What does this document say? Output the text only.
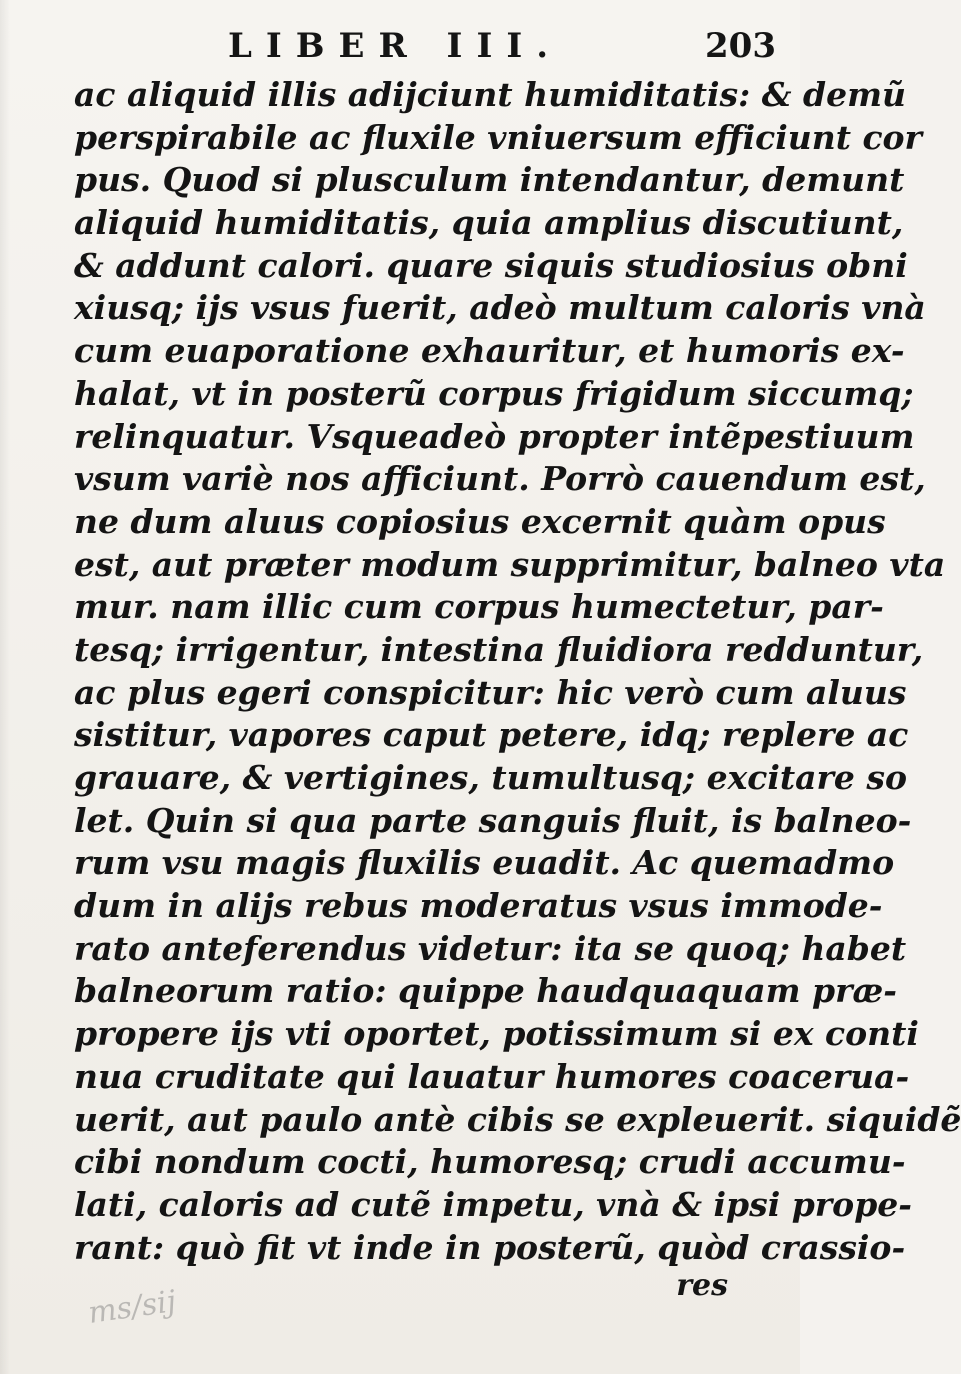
LIBER III.	203
ac aliquid illis adijciunt humiditatis: & demũ
perspirabile ac fluxile vniuersum efficiunt cor
pus. Quod si plusculum intendantur, demunt
aliquid humiditatis, quia amplius discutiunt,
& addunt calori. quare siquis studiosius obni
xiusq; ijs vsus fuerit, adeò multum caloris vnà
cum euaporatione exhauritur, et humoris ex-
halat, vt in posterũ corpus frigidum siccumq;
relinquatur. Vsqueadeò propter intẽpestiuum
vsum variè nos afficiunt. Porrò cauendum est,
ne dum aluus copiosius excernit quàm opus
est, aut præter modum supprimitur, balneo vta
mur. nam illic cum corpus humectetur, par-
tesq; irrigentur, intestina fluidiora redduntur,
ac plus egeri conspicitur: hic verò cum aluus
sistitur, vapores caput petere, idq; replere ac
grauare, & vertigines, tumultusq; excitare so
let. Quin si qua parte sanguis fluit, is balneo-
rum vsu magis fluxilis euadit. Ac quemadmo
dum in alijs rebus moderatus vsus immode-
rato anteferendus videtur: ita se quoq; habet
balneorum ratio: quippe haudquaquam præ-
propere ijs vti oportet, potissimum si ex conti
nua cruditate qui lauatur humores coaceruа-
uerit, aut paulo antè cibis se expleuerit. siquidẽ
cibi nondum cocti, humoresq; crudi accumu-
lati, caloris ad cutẽ impetu, vnà & ipsi prope-
rant: quò fit vt inde in posterũ, quòd crassio-
res
ms/sij
